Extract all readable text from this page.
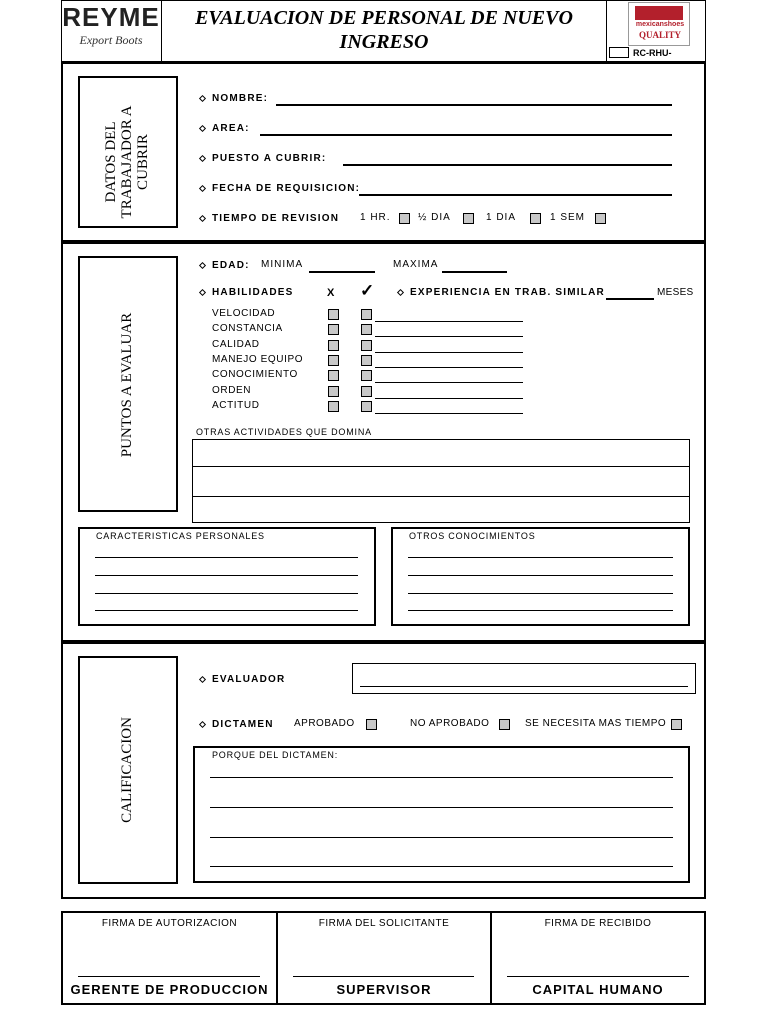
REYME
Export Boots
EVALUACION DE PERSONAL DE NUEVO
INGRESO
mexicanshoes
QUALITY
RC-RHU-
DATOS DEL TRABAJADOR A CUBRIR
NOMBRE:
AREA:
PUESTO A CUBRIR:
FECHA DE REQUISICION:
TIEMPO DE REVISION 1 HR.	½ DIA	1 DIA	1 SEM
PUNTOS A EVALUAR
EDAD: MINIMA	MAXIMA
HABILIDADES	X ✓	EXPERIENCIA EN TRAB. SIMILAR	MESES
VELOCIDAD
CONSTANCIA
CALIDAD
MANEJO EQUIPO
CONOCIMIENTO
ORDEN
ACTITUD
OTRAS ACTIVIDADES QUE DOMINA
CARACTERISTICAS PERSONALES	OTROS CONOCIMIENTOS
CALIFICACION
EVALUADOR
DICTAMEN APROBADO	NO APROBADO	SE NECESITA MAS TIEMPO
PORQUE DEL DICTAMEN:
FIRMA DE AUTORIZACION
GERENTE DE PRODUCCION
FIRMA DEL SOLICITANTE
SUPERVISOR
FIRMA DE RECIBIDO
CAPITAL HUMANO
